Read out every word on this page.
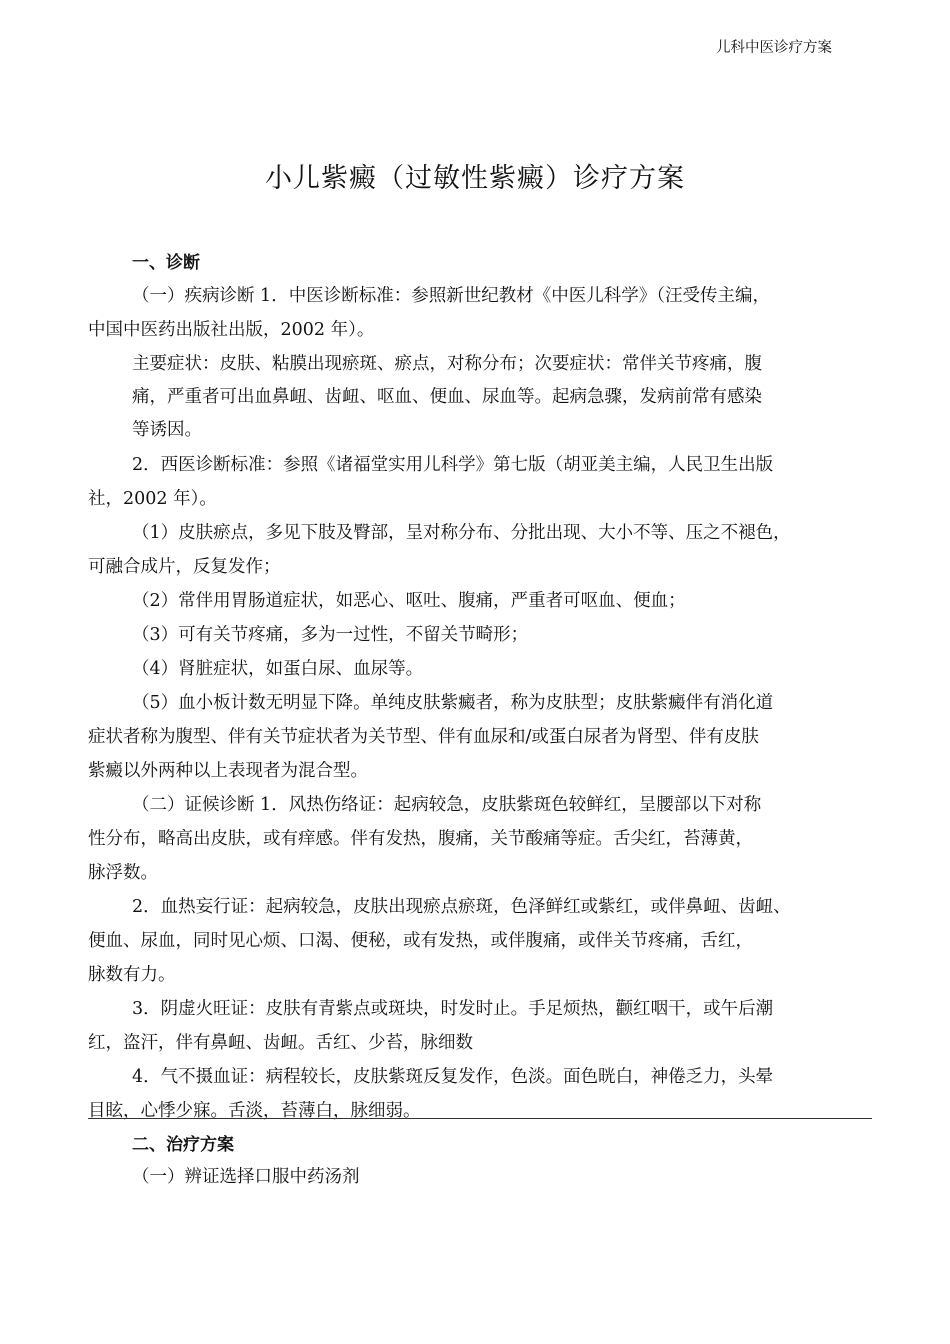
儿科中医诊疗方案
小儿紫癜（过敏性紫癜）诊疗方案
一、诊断
（一）疾病诊断 1．中医诊断标准：参照新世纪教材《中医儿科学》（汪受传主编，
中国中医药出版社出版，2002 年）。
主要症状：皮肤、粘膜出现瘀斑、瘀点，对称分布；次要症状：常伴关节疼痛，腹
痛，严重者可出血鼻衄、齿衄、呕血、便血、尿血等。起病急骤，发病前常有感染
等诱因。
2．西医诊断标准：参照《诸福堂实用儿科学》第七版（胡亚美主编，人民卫生出版
社，2002 年）。
（1）皮肤瘀点，多见下肢及臀部，呈对称分布、分批出现、大小不等、压之不褪色，
可融合成片，反复发作；
（2）常伴用胃肠道症状，如恶心、呕吐、腹痛，严重者可呕血、便血；
（3）可有关节疼痛，多为一过性，不留关节畸形；
（4）肾脏症状，如蛋白尿、血尿等。
（5）血小板计数无明显下降。单纯皮肤紫癜者，称为皮肤型；皮肤紫癜伴有消化道
症状者称为腹型、伴有关节症状者为关节型、伴有血尿和/或蛋白尿者为肾型、伴有皮肤
紫癜以外两种以上表现者为混合型。
（二）证候诊断 1．风热伤络证：起病较急，皮肤紫斑色较鲜红，呈腰部以下对称
性分布，略高出皮肤，或有痒感。伴有发热，腹痛，关节酸痛等症。舌尖红，苔薄黄，
脉浮数。
2．血热妄行证：起病较急，皮肤出现瘀点瘀斑，色泽鲜红或紫红，或伴鼻衄、齿衄、
便血、尿血，同时见心烦、口渴、便秘，或有发热，或伴腹痛，或伴关节疼痛，舌红，
脉数有力。
3．阴虚火旺证：皮肤有青紫点或斑块，时发时止。手足烦热，颧红咽干，或午后潮
红，盗汗，伴有鼻衄、齿衄。舌红、少苔，脉细数
4．气不摄血证：病程较长，皮肤紫斑反复发作，色淡。面色晄白，神倦乏力，头晕
目眩，心悸少寐。舌淡，苔薄白，脉细弱。
二、治疗方案
（一）辨证选择口服中药汤剂
